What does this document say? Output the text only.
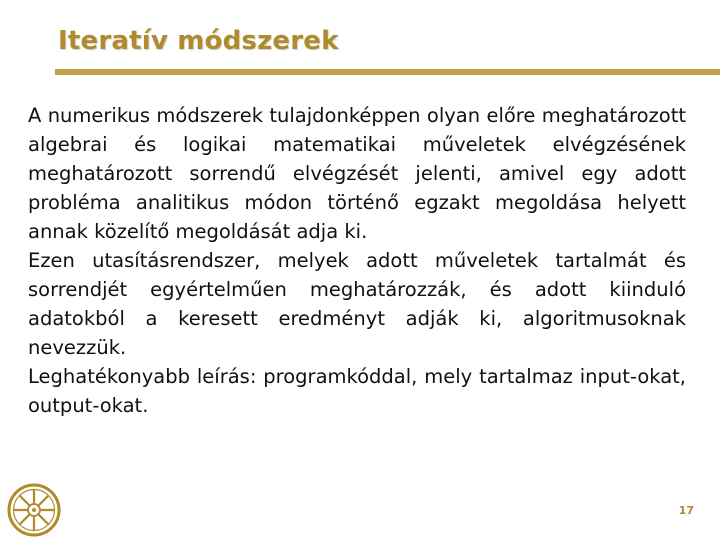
Iteratív módszerek

A numerikus módszerek tulajdonképpen olyan előre meghatározott algebrai és logikai matematikai műveletek elvégzésének meghatározott sorrendű elvégzését jelenti, amivel egy adott probléma analitikus módon történő egzakt megoldása helyett annak közelítő megoldását adja ki.

Ezen utasításrendszer, melyek adott műveletek tartalmát és sorrendjét egyértelműen meghatározzák, és adott kiinduló adatokból a keresett eredményt adják ki, algoritmusoknak nevezzük.

Leghatékonyabb leírás: programkóddal, mely tartalmaz input-okat, output-okat.

17
